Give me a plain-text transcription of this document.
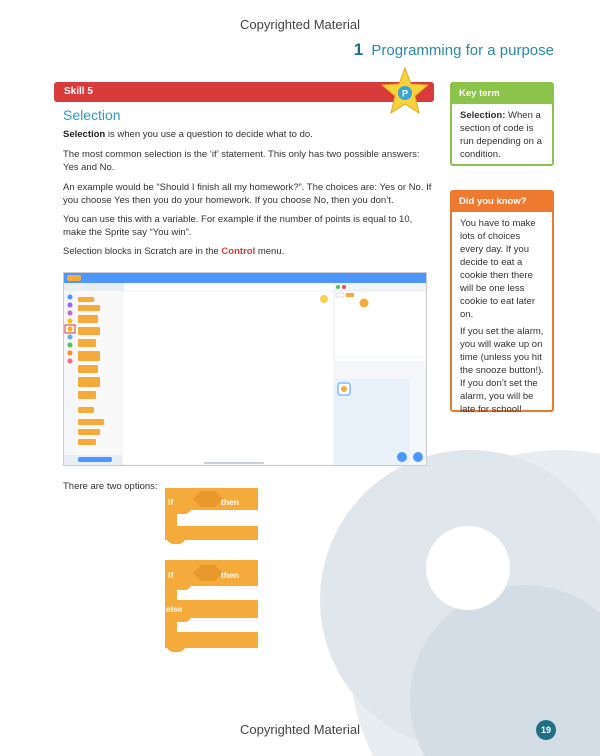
Copyrighted Material
1 Programming for a purpose
Skill 5	P
Selection

Selection is when you use a question to decide what to do.

The most common selection is the ‘if’ statement. This only has two possible answers: Yes and No.

An example would be “Should I finish all my homework?”. The choices are: Yes or No. If you choose Yes then you do your homework. If you choose No, then you don’t.

You can use this with a variable. For example if the number of points is equal to 10, make the Sprite say “You win”.

Selection blocks in Scratch are in the Control menu.

Key term
Selection: When a section of code is run depending on a condition.
Did you know?

You have to make lots of choices every day. If you decide to eat a cookie then there will be one less cookie to eat later on.

If you set the alarm, you will wake up on time (unless you hit the snooze button!). If you don’t set the alarm, you will be late for school!

There are two options:
if	then
if	then
else
Copyrighted Material	19
